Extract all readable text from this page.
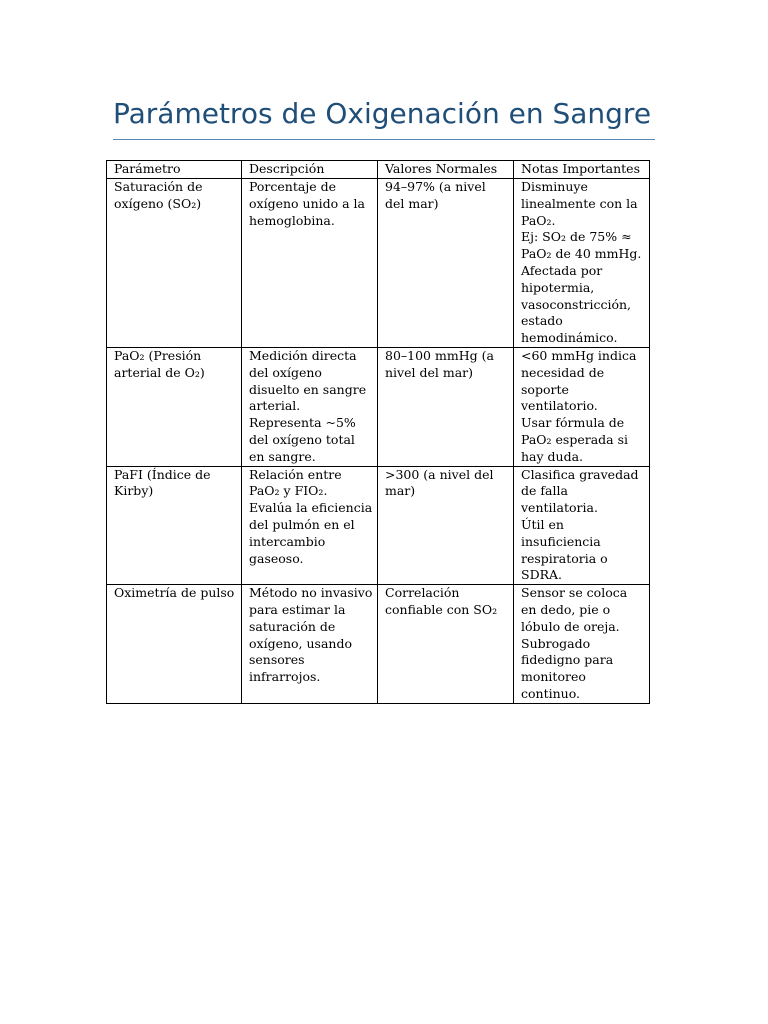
Parámetros de Oxigenación en Sangre
Parámetro	Descripción	Valores Normales	Notas Importantes
Saturación de oxígeno (SO₂)	Porcentaje de oxígeno unido a la hemoglobina.	94–97% (a nivel del mar)	Disminuye linealmente con la PaO₂.
Ej: SO₂ de 75% ≈ PaO₂ de 40 mmHg.
Afectada por hipotermia, vasoconstricción, estado hemodinámico.
PaO₂ (Presión arterial de O₂)	Medición directa del oxígeno disuelto en sangre arterial. Representa ~5% del oxígeno total en sangre.	80–100 mmHg (a nivel del mar)	<60 mmHg indica necesidad de soporte ventilatorio.
Usar fórmula de PaO₂ esperada si hay duda.
PaFI (Índice de Kirby)	Relación entre PaO₂ y FIO₂. Evalúa la eficiencia del pulmón en el intercambio gaseoso.	>300 (a nivel del mar)	Clasifica gravedad de falla ventilatoria.
Útil en insuficiencia respiratoria o SDRA.
Oximetría de pulso	Método no invasivo para estimar la saturación de oxígeno, usando sensores infrarrojos.	Correlación confiable con SO₂	Sensor se coloca en dedo, pie o lóbulo de oreja.
Subrogado fidedigno para monitoreo continuo.
